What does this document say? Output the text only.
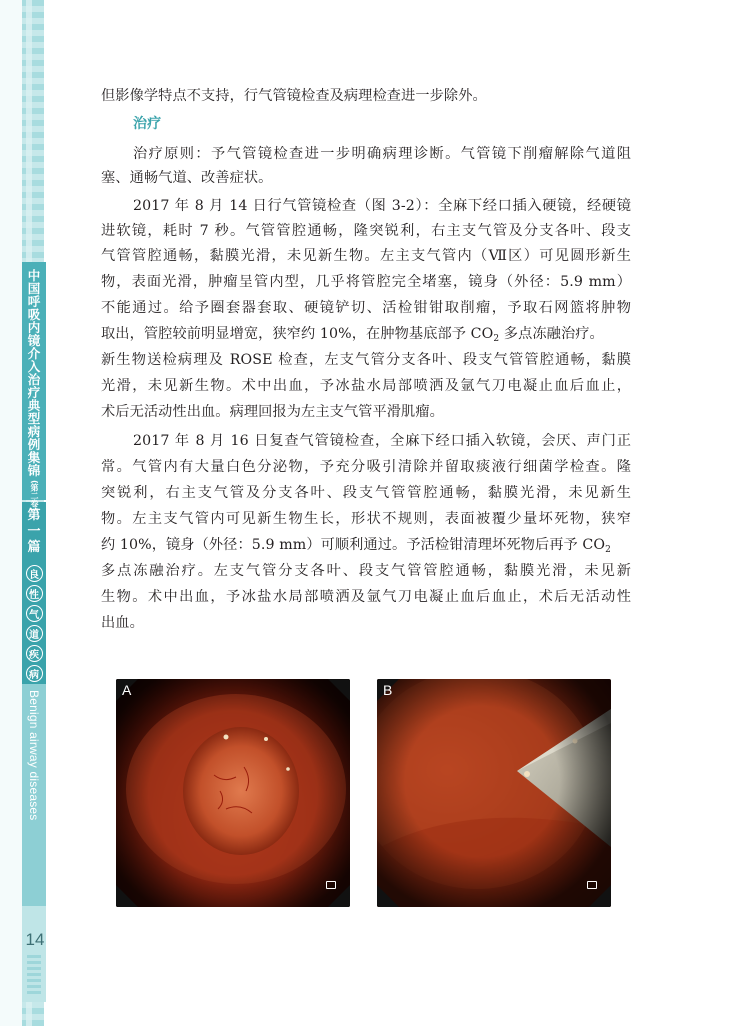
中
国
呼
吸
内
镜
介
入
治
疗
典
型
病
例
集
锦
(第二卷)
第
一
篇
良
性
气
道
疾
病
Benign airway diseases
14
但影像学特点不支持，行气管镜检查及病理检查进一步除外。
治疗
治疗原则：予气管镜检查进一步明确病理诊断。气管镜下削瘤解除气道阻
塞、通畅气道、改善症状。
2017 年 8 月 14 日行气管镜检查（图 3-2）：全麻下经口插入硬镜，经硬镜
进软镜，耗时 7 秒。气管管腔通畅，隆突锐利，右主支气管及分支各叶、段支
气管管腔通畅，黏膜光滑，未见新生物。左主支气管内（Ⅶ区）可见圆形新生
物，表面光滑，肿瘤呈管内型，几乎将管腔完全堵塞，镜身（外径：5.9 mm）
不能通过。给予圈套器套取、硬镜铲切、活检钳钳取削瘤，予取石网篮将肿物
取出，管腔较前明显增宽，狭窄约 10%，在肿物基底部予 $CO_2$ 多点冻融治疗。
新生物送检病理及 ROSE 检查，左支气管分支各叶、段支气管管腔通畅，黏膜
光滑，未见新生物。术中出血，予冰盐水局部喷洒及氩气刀电凝止血后血止，
术后无活动性出血。病理回报为左主支气管平滑肌瘤。
2017 年 8 月 16 日复查气管镜检查，全麻下经口插入软镜，会厌、声门正
常。气管内有大量白色分泌物，予充分吸引清除并留取痰液行细菌学检查。隆
突锐利，右主支气管及分支各叶、段支气管管腔通畅，黏膜光滑，未见新生
物。左主支气管内可见新生物生长，形状不规则，表面被覆少量坏死物，狭窄
约 10%，镜身（外径：5.9 mm）可顺利通过。予活检钳清理坏死物后再予 $CO_2$
多点冻融治疗。左支气管分支各叶、段支气管管腔通畅，黏膜光滑，未见新
生物。术中出血，予冰盐水局部喷洒及氩气刀电凝止血后血止，术后无活动性
出血。
A	B
